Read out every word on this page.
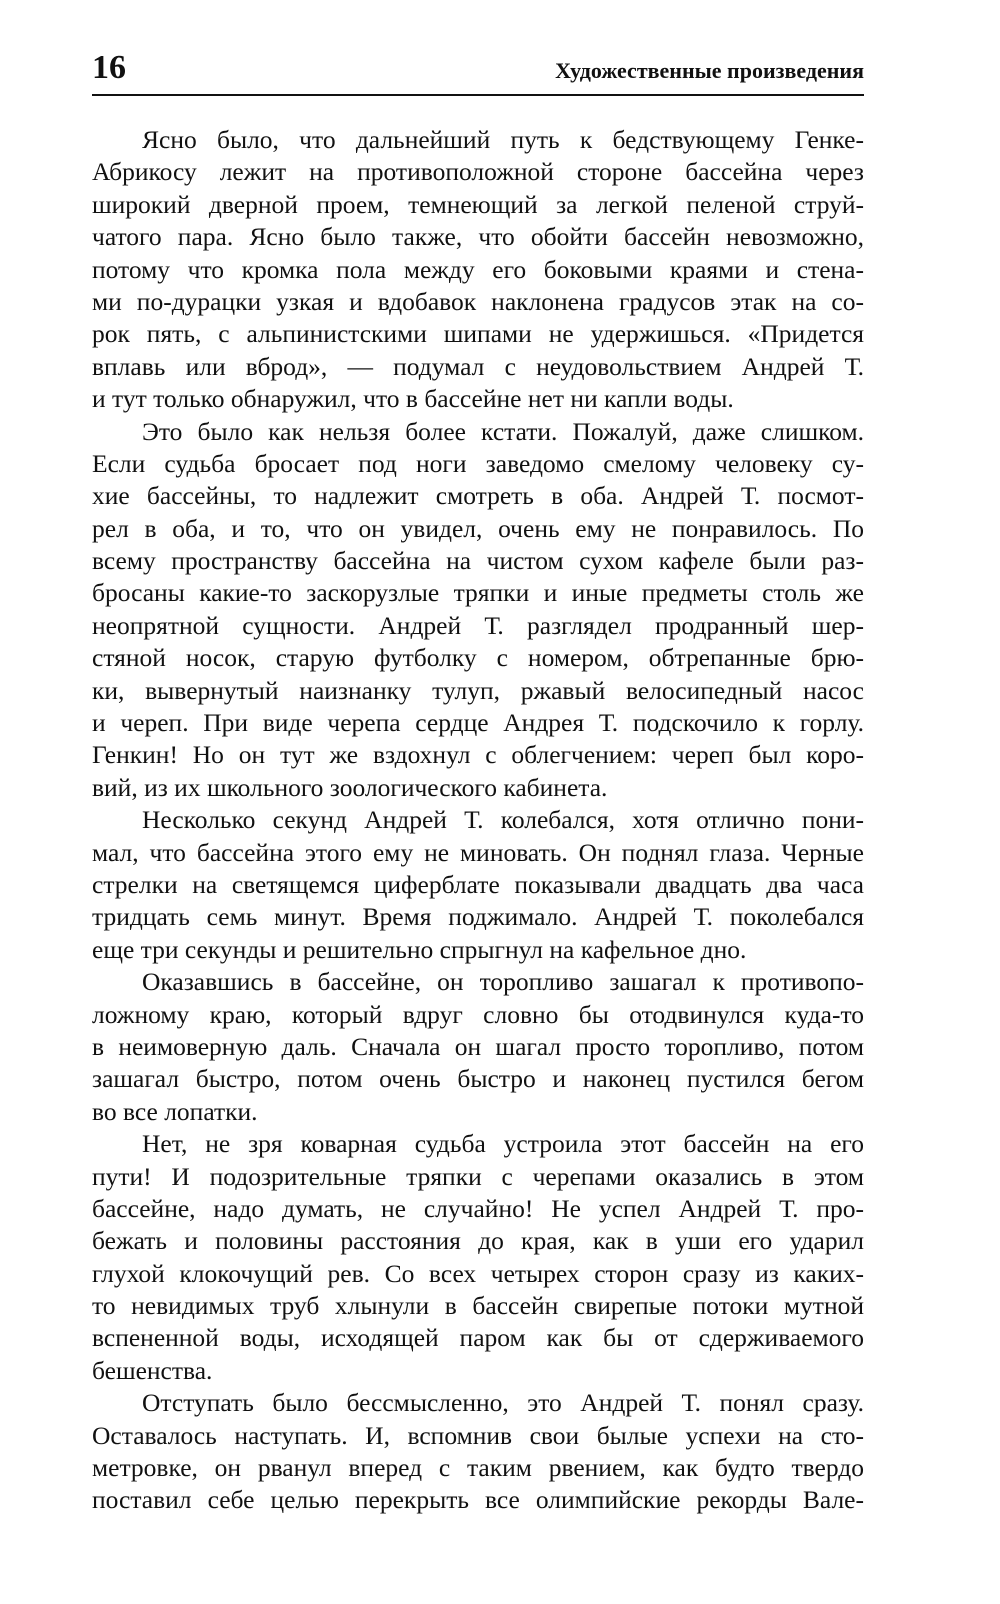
16	Художественные произведения
Ясно было, что дальнейший путь к бедствующему Генке-
Абрикосу лежит на противоположной стороне бассейна через
широкий дверной проем, темнеющий за легкой пеленой струй-
чатого пара. Ясно было также, что обойти бассейн невозможно,
потому что кромка пола между его боковыми краями и стена-
ми по-дурацки узкая и вдобавок наклонена градусов этак на со-
рок пять, с альпинистскими шипами не удержишься. «Придется
вплавь или вброд», — подумал с неудовольствием Андрей Т.
и тут только обнаружил, что в бассейне нет ни капли воды.
Это было как нельзя более кстати. Пожалуй, даже слишком.
Если судьба бросает под ноги заведомо смелому человеку су-
хие бассейны, то надлежит смотреть в оба. Андрей Т. посмот-
рел в оба, и то, что он увидел, очень ему не понравилось. По
всему пространству бассейна на чистом сухом кафеле были раз-
бросаны какие-то заскорузлые тряпки и иные предметы столь же
неопрятной сущности. Андрей Т. разглядел продранный шер-
стяной носок, старую футболку с номером, обтрепанные брю-
ки, вывернутый наизнанку тулуп, ржавый велосипедный насос
и череп. При виде черепа сердце Андрея Т. подскочило к горлу.
Генкин! Но он тут же вздохнул с облегчением: череп был коро-
вий, из их школьного зоологического кабинета.
Несколько секунд Андрей Т. колебался, хотя отлично пони-
мал, что бассейна этого ему не миновать. Он поднял глаза. Черные
стрелки на светящемся циферблате показывали двадцать два часа
тридцать семь минут. Время поджимало. Андрей Т. поколебался
еще три секунды и решительно спрыгнул на кафельное дно.
Оказавшись в бассейне, он торопливо зашагал к противопо-
ложному краю, который вдруг словно бы отодвинулся куда-то
в неимоверную даль. Сначала он шагал просто торопливо, потом
зашагал быстро, потом очень быстро и наконец пустился бегом
во все лопатки.
Нет, не зря коварная судьба устроила этот бассейн на его
пути! И подозрительные тряпки с черепами оказались в этом
бассейне, надо думать, не случайно! Не успел Андрей Т. про-
бежать и половины расстояния до края, как в уши его ударил
глухой клокочущий рев. Со всех четырех сторон сразу из каких-
то невидимых труб хлынули в бассейн свирепые потоки мутной
вспененной воды, исходящей паром как бы от сдерживаемого
бешенства.
Отступать было бессмысленно, это Андрей Т. понял сразу.
Оставалось наступать. И, вспомнив свои былые успехи на сто-
метровке, он рванул вперед с таким рвением, как будто твердо
поставил себе целью перекрыть все олимпийские рекорды Вале-
